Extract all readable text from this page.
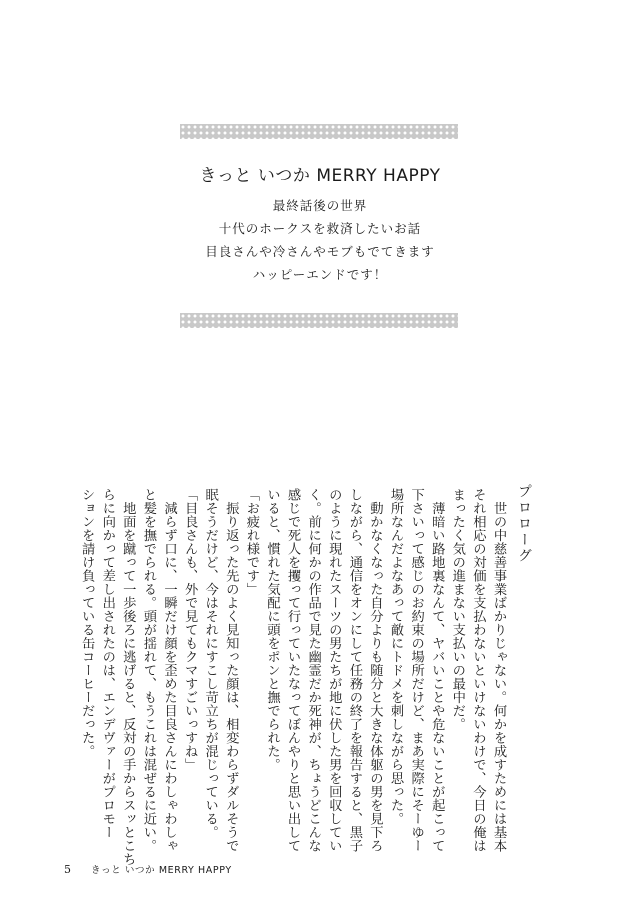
きっと いつか MERRY HAPPY
最終話後の世界
十代のホークスを救済したいお話
目良さんや冷さんやモブもでてきます
ハッピーエンドです！
プロローグ
　世の中慈善事業ばかりじゃない。何かを成すためには基本
それ相応の対価を支払わないといけないわけで、今日の俺は
まったく気の進まない支払いの最中だ。
　薄暗い路地裏なんて、ヤバいことや危ないことが起こって
下さいって感じのお約束の場所だけど、まあ実際にそーゆー
場所なんだよなあって敵にトドメを刺しながら思った。
　動かなくなった自分よりも随分と大きな体躯の男を見下ろ
しながら、通信をオンにして任務の終了を報告すると、黒子
のように現れたスーツの男たちが地に伏した男を回収してい
く。前に何かの作品で見た幽霊だか死神が、ちょうどこんな
感じで死人を攫って行っていたなってぼんやりと思い出して
いると、慣れた気配に頭をポンと撫でられた。
「お疲れ様です」
　振り返った先のよく見知った顔は、相変わらずダルそうで
眠そうだけど、今はそれにすこし苛立ちが混じっている。
「目良さんも、外で見てもクマすごいっすね」
　減らず口に、一瞬だけ顔を歪めた目良さんにわしゃわしゃ
と髪を撫でられる。頭が揺れて、もうこれは混ぜるに近い。
　地面を蹴って一歩後ろに逃げると、反対の手からスッとこち
らに向かって差し出されたのは、エンデヴァーがプロモー
ションを請け負っている缶コーヒーだった。
5 きっと いつか MERRY HAPPY
